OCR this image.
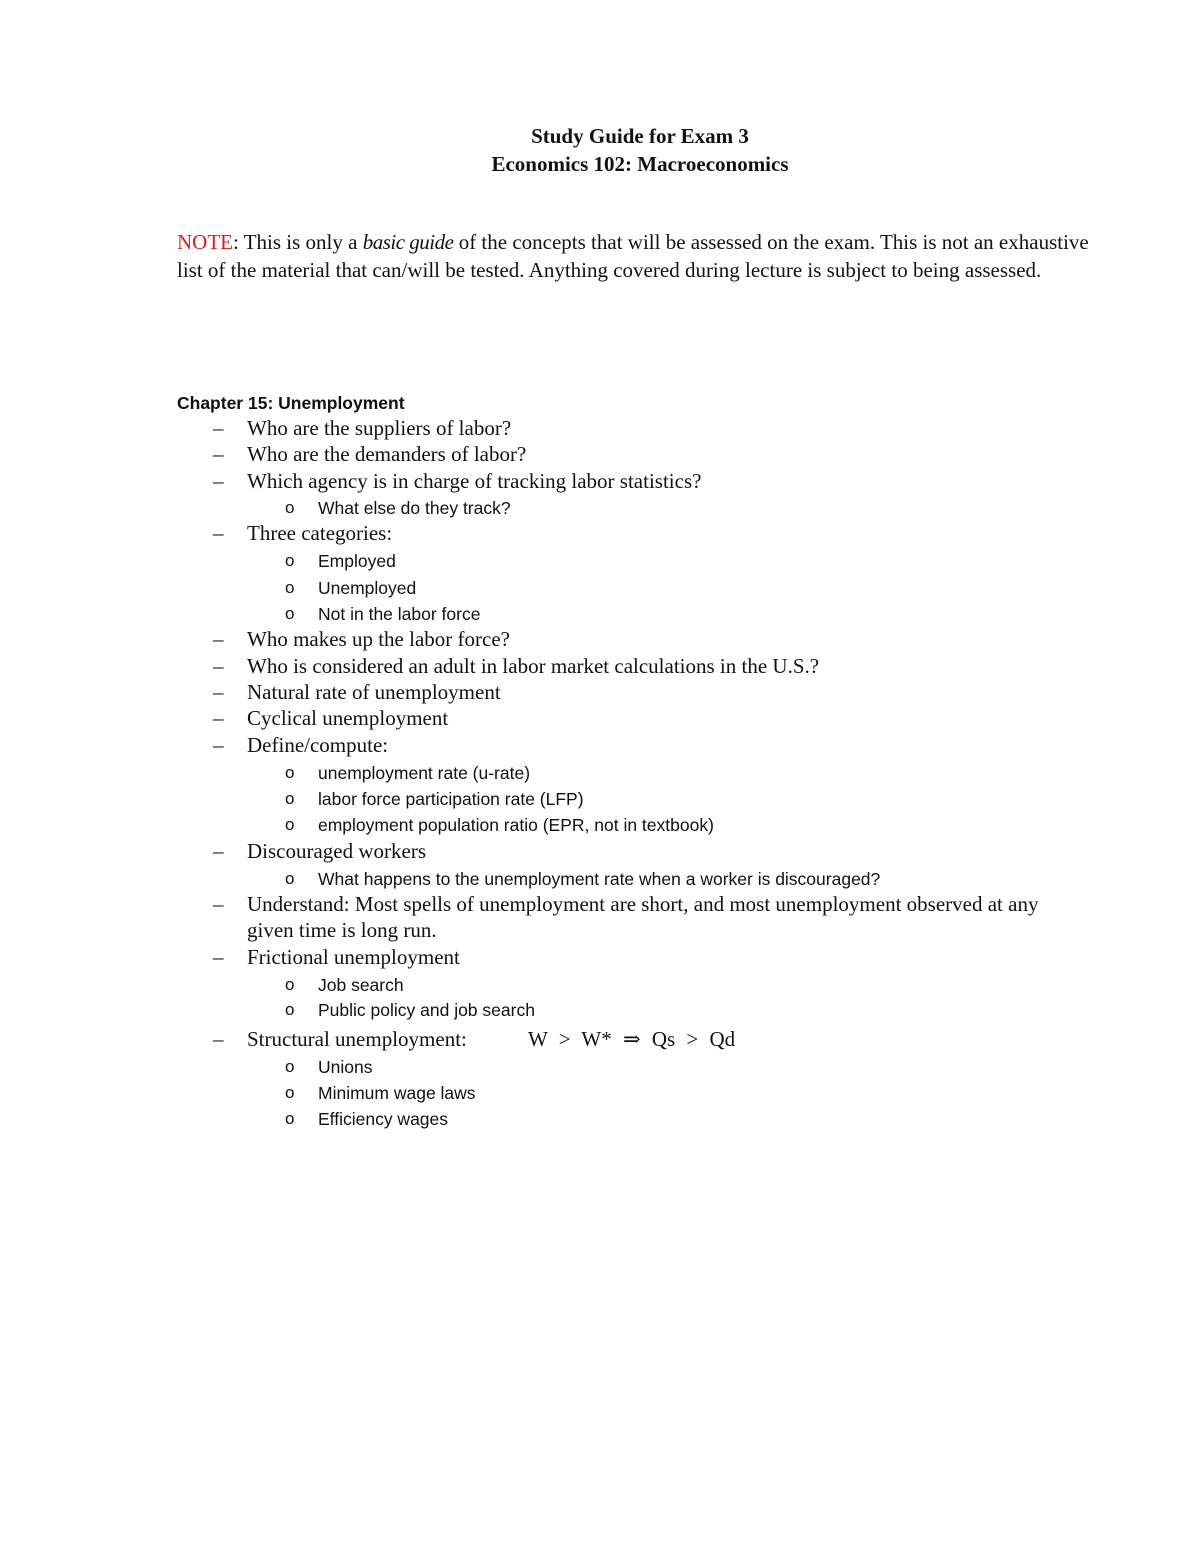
Study Guide for Exam 3
Economics 102: Macroeconomics
NOTE: This is only a basic guide of the concepts that will be assessed on the exam. This is not an exhaustive list of the material that can/will be tested. Anything covered during lecture is subject to being assessed.
Chapter 15: Unemployment
– Who are the suppliers of labor?
– Who are the demanders of labor?
– Which agency is in charge of tracking labor statistics?
o What else do they track?
– Three categories:
o Employed
o Unemployed
o Not in the labor force
– Who makes up the labor force?
– Who is considered an adult in labor market calculations in the U.S.?
– Natural rate of unemployment
– Cyclical unemployment
– Define/compute:
o unemployment rate (u-rate)
o labor force participation rate (LFP)
o employment population ratio (EPR, not in textbook)
– Discouraged workers
o What happens to the unemployment rate when a worker is discouraged?
– Understand: Most spells of unemployment are short, and most unemployment observed at any given time is long run.
– Frictional unemployment
o Job search
o Public policy and job search
– Structural unemployment:	W > W* ⇒ Qs > Qd
o Unions
o Minimum wage laws
o Efficiency wages
